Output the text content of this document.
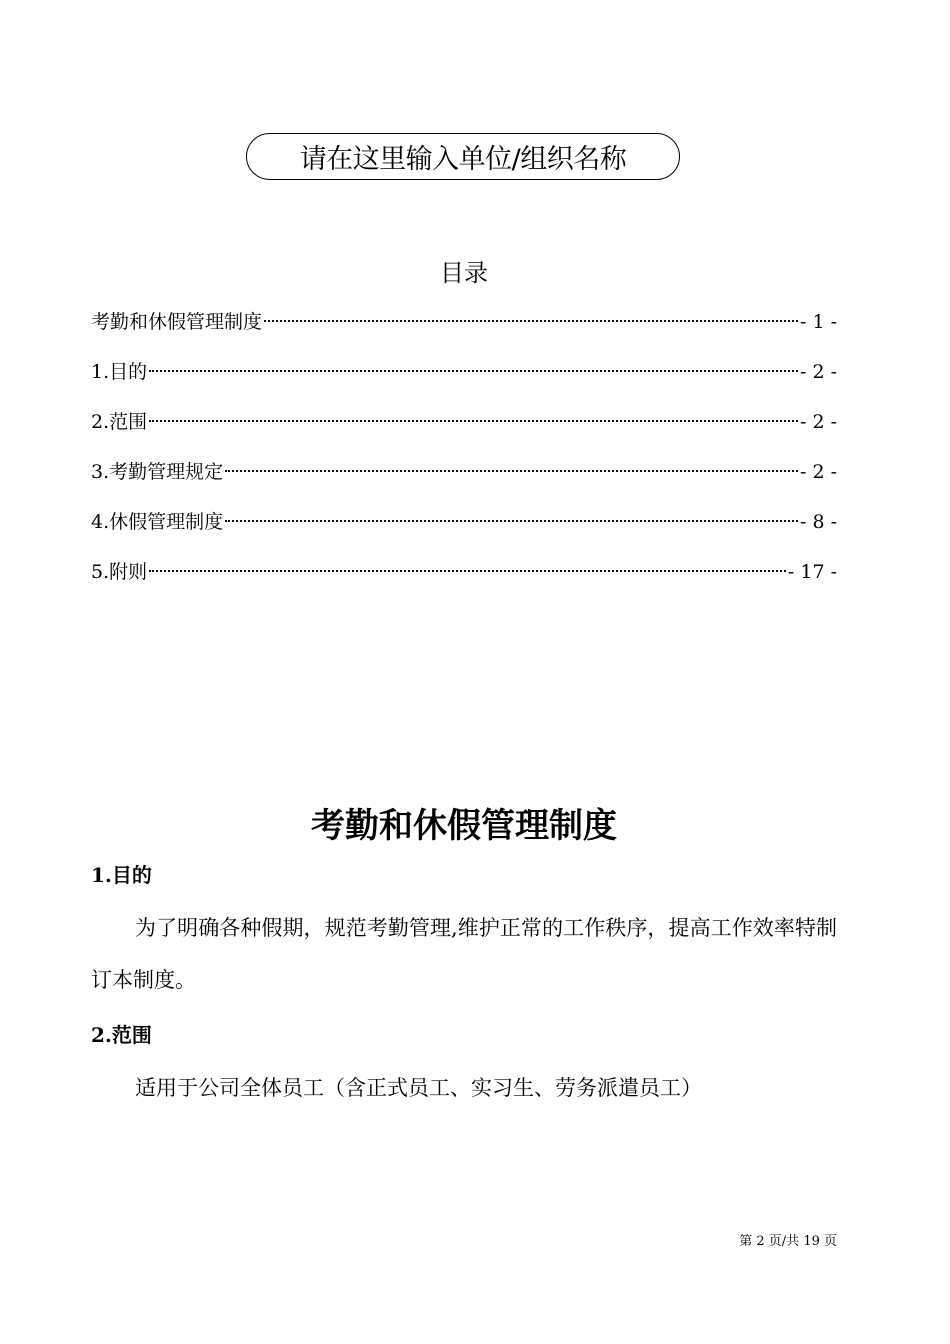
请在这里输入单位/组织名称
目录
考勤和休假管理制度	- 1 -
1.目的	- 2 -
2.范围	- 2 -
3.考勤管理规定	- 2 -
4.休假管理制度	- 8 -
5.附则	- 17 -
考勤和休假管理制度
1.目的
为了明确各种假期，规范考勤管理,维护正常的工作秩序，提高工作效率特制订本制度。
2.范围
适用于公司全体员工（含正式员工、实习生、劳务派遣员工）
第 2 页/共 19 页
